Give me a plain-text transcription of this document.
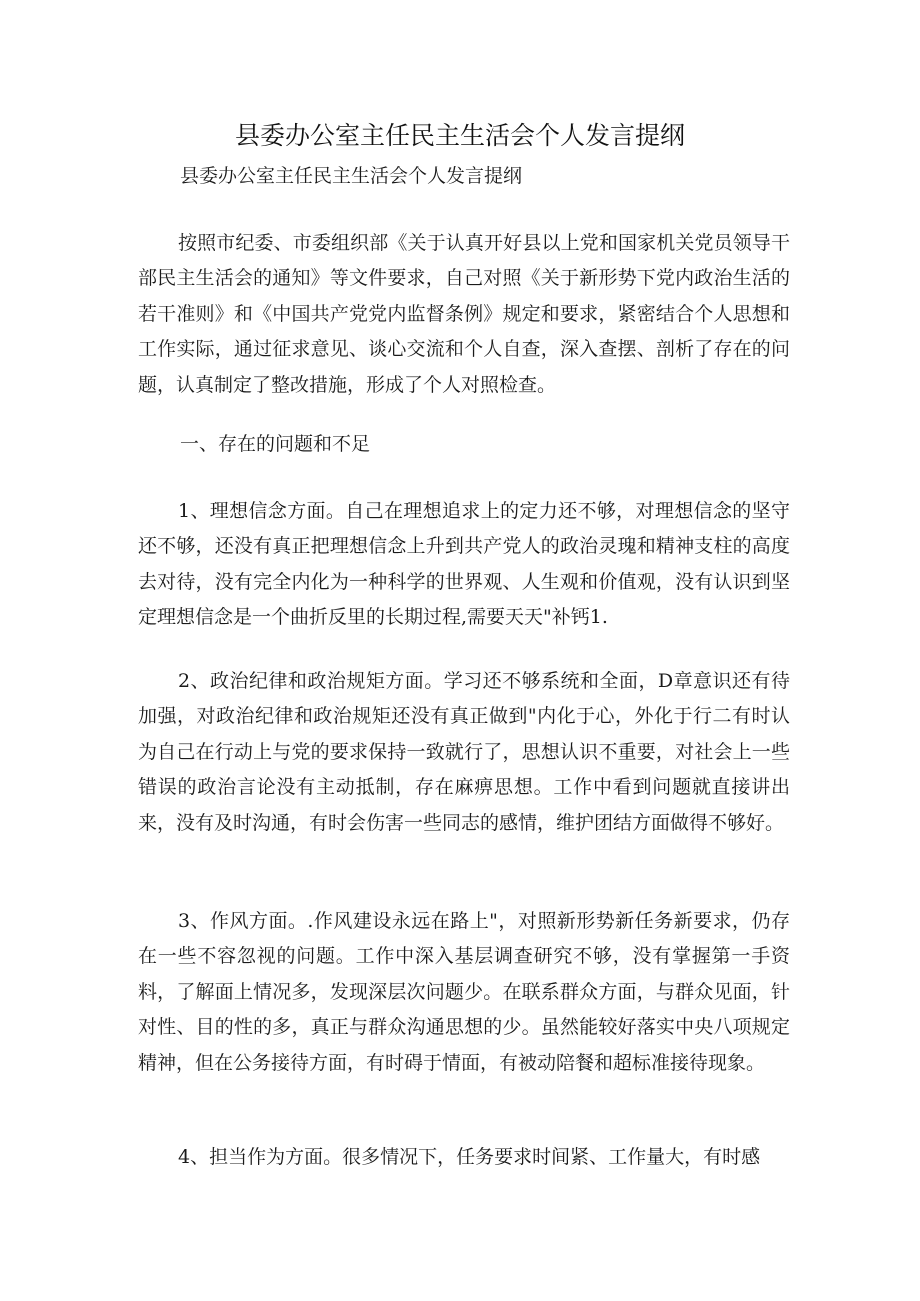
县委办公室主任民主生活会个人发言提纲
县委办公室主任民主生活会个人发言提纲

按照市纪委、市委组织部《关于认真开好县以上党和国家机关党员领导干部民主生活会的通知》等文件要求，自己对照《关于新形势下党内政治生活的若干准则》和《中国共产党党内监督条例》规定和要求，紧密结合个人思想和工作实际，通过征求意见、谈心交流和个人自查，深入查摆、剖析了存在的问题，认真制定了整改措施，形成了个人对照检查。

一、存在的问题和不足

1、理想信念方面。自己在理想追求上的定力还不够，对理想信念的坚守还不够，还没有真正把理想信念上升到共产党人的政治灵瑰和精神支柱的高度去对待，没有完全内化为一种科学的世界观、人生观和价值观，没有认识到坚定理想信念是一个曲折反里的长期过程,需要天天"补钙1.

2、政治纪律和政治规矩方面。学习还不够系统和全面，D章意识还有待加强，对政治纪律和政治规矩还没有真正做到"内化于心，外化于行二有时认为自己在行动上与党的要求保持一致就行了，思想认识不重要，对社会上一些错误的政治言论没有主动抵制，存在麻痹思想。工作中看到问题就直接讲出来，没有及时沟通，有时会伤害一些同志的感情，维护团结方面做得不够好。

3、作风方面。.作风建设永远在路上"，对照新形势新任务新要求，仍存在一些不容忽视的问题。工作中深入基层调查研究不够，没有掌握第一手资料，了解面上情况多，发现深层次问题少。在联系群众方面，与群众见面，针对性、目的性的多，真正与群众沟通思想的少。虽然能较好落实中央八项规定精神，但在公务接待方面，有时碍于情面，有被动陪餐和超标准接待现象。

4、担当作为方面。很多情况下，任务要求时间紧、工作量大，有时感
